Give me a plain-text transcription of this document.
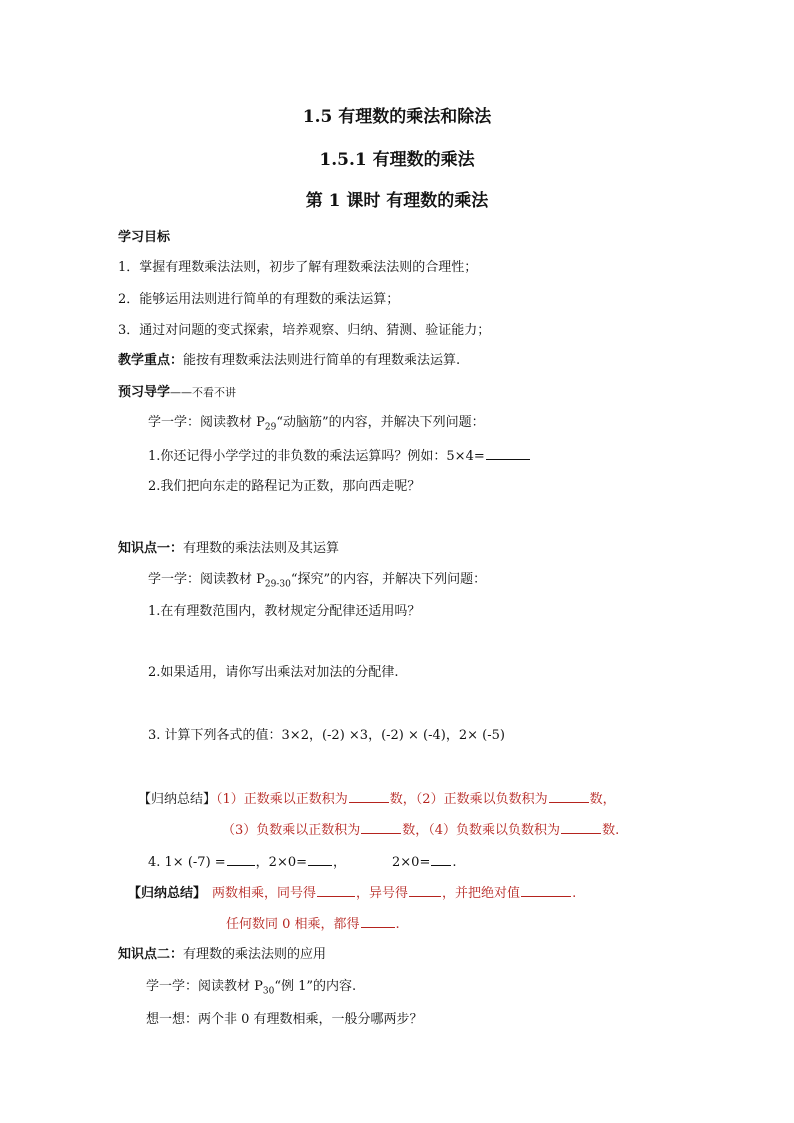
1.5 有理数的乘法和除法
1.5.1 有理数的乘法
第 1 课时 有理数的乘法
学习目标
1．掌握有理数乘法法则，初步了解有理数乘法法则的合理性；
2．能够运用法则进行简单的有理数的乘法运算；
3．通过对问题的变式探索，培养观察、归纳、猜测、验证能力；
教学重点：能按有理数乘法法则进行简单的有理数乘法运算.
预习导学——不看不讲
学一学：阅读教材 $P_{29}“$动脑筋”的内容，并解决下列问题：
1.你还记得小学学过的非负数的乘法运算吗？例如：5×4=
2.我们把向东走的路程记为正数，那向西走呢？
知识点一：有理数的乘法法则及其运算
学一学：阅读教材 $P_{29-30}“$探究”的内容，并解决下列问题：
1.在有理数范围内，教材规定分配律还适用吗？
2.如果适用，请你写出乘法对加法的分配律.
3. 计算下列各式的值：3×2，(-2) ×3，(-2) × (-4)，2× (-5)
【归纳总结】（1）正数乘以正数积为	数，（2）正数乘以负数积为	数，
（3）负数乘以正数积为	数，（4）负数乘以负数积为	数.
4. 1× (-7) = ，2×0= ，	2×0= .
【归纳总结】 两数相乘，同号得	，异号得	，并把绝对值	.
任何数同 0 相乘，都得	.
知识点二：有理数的乘法法则的应用
学一学：阅读教材 $P_{30}“$例 1”的内容.
想一想：两个非 0 有理数相乘，一般分哪两步？
